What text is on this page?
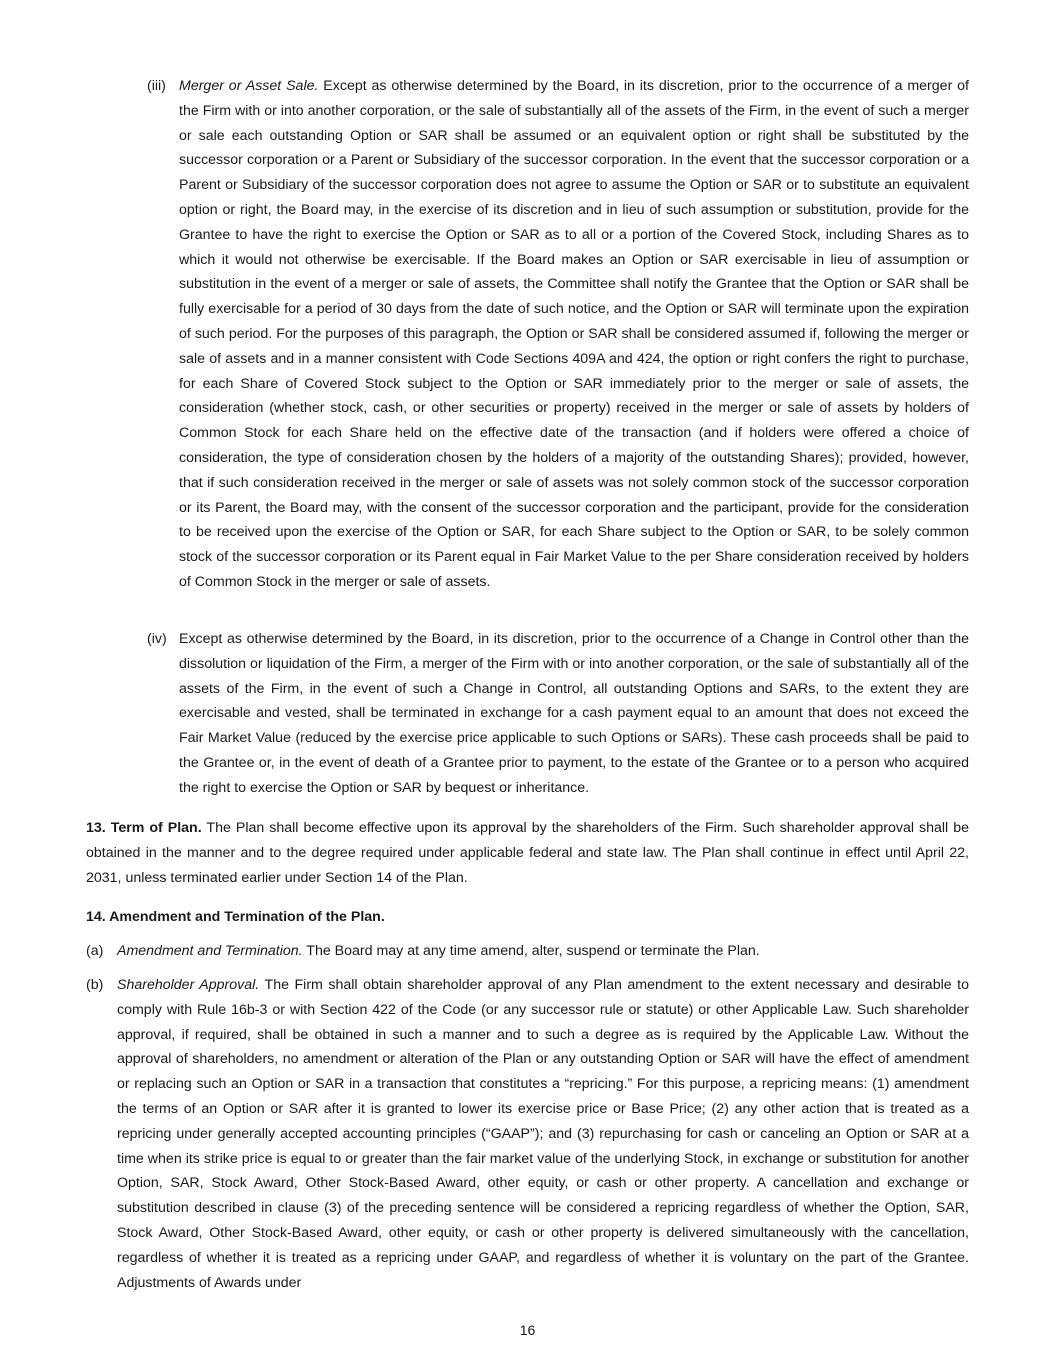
(iii) Merger or Asset Sale. Except as otherwise determined by the Board, in its discretion, prior to the occurrence of a merger of the Firm with or into another corporation, or the sale of substantially all of the assets of the Firm, in the event of such a merger or sale each outstanding Option or SAR shall be assumed or an equivalent option or right shall be substituted by the successor corporation or a Parent or Subsidiary of the successor corporation. In the event that the successor corporation or a Parent or Subsidiary of the successor corporation does not agree to assume the Option or SAR or to substitute an equivalent option or right, the Board may, in the exercise of its discretion and in lieu of such assumption or substitution, provide for the Grantee to have the right to exercise the Option or SAR as to all or a portion of the Covered Stock, including Shares as to which it would not otherwise be exercisable. If the Board makes an Option or SAR exercisable in lieu of assumption or substitution in the event of a merger or sale of assets, the Committee shall notify the Grantee that the Option or SAR shall be fully exercisable for a period of 30 days from the date of such notice, and the Option or SAR will terminate upon the expiration of such period. For the purposes of this paragraph, the Option or SAR shall be considered assumed if, following the merger or sale of assets and in a manner consistent with Code Sections 409A and 424, the option or right confers the right to purchase, for each Share of Covered Stock subject to the Option or SAR immediately prior to the merger or sale of assets, the consideration (whether stock, cash, or other securities or property) received in the merger or sale of assets by holders of Common Stock for each Share held on the effective date of the transaction (and if holders were offered a choice of consideration, the type of consideration chosen by the holders of a majority of the outstanding Shares); provided, however, that if such consideration received in the merger or sale of assets was not solely common stock of the successor corporation or its Parent, the Board may, with the consent of the successor corporation and the participant, provide for the consideration to be received upon the exercise of the Option or SAR, for each Share subject to the Option or SAR, to be solely common stock of the successor corporation or its Parent equal in Fair Market Value to the per Share consideration received by holders of Common Stock in the merger or sale of assets.
(iv) Except as otherwise determined by the Board, in its discretion, prior to the occurrence of a Change in Control other than the dissolution or liquidation of the Firm, a merger of the Firm with or into another corporation, or the sale of substantially all of the assets of the Firm, in the event of such a Change in Control, all outstanding Options and SARs, to the extent they are exercisable and vested, shall be terminated in exchange for a cash payment equal to an amount that does not exceed the Fair Market Value (reduced by the exercise price applicable to such Options or SARs). These cash proceeds shall be paid to the Grantee or, in the event of death of a Grantee prior to payment, to the estate of the Grantee or to a person who acquired the right to exercise the Option or SAR by bequest or inheritance.

13. Term of Plan. The Plan shall become effective upon its approval by the shareholders of the Firm. Such shareholder approval shall be obtained in the manner and to the degree required under applicable federal and state law. The Plan shall continue in effect until April 22, 2031, unless terminated earlier under Section 14 of the Plan.

14. Amendment and Termination of the Plan.
(a) Amendment and Termination. The Board may at any time amend, alter, suspend or terminate the Plan.
(b) Shareholder Approval. The Firm shall obtain shareholder approval of any Plan amendment to the extent necessary and desirable to comply with Rule 16b-3 or with Section 422 of the Code (or any successor rule or statute) or other Applicable Law. Such shareholder approval, if required, shall be obtained in such a manner and to such a degree as is required by the Applicable Law. Without the approval of shareholders, no amendment or alteration of the Plan or any outstanding Option or SAR will have the effect of amendment or replacing such an Option or SAR in a transaction that constitutes a “repricing.” For this purpose, a repricing means: (1) amendment the terms of an Option or SAR after it is granted to lower its exercise price or Base Price; (2) any other action that is treated as a repricing under generally accepted accounting principles (“GAAP”); and (3) repurchasing for cash or canceling an Option or SAR at a time when its strike price is equal to or greater than the fair market value of the underlying Stock, in exchange or substitution for another Option, SAR, Stock Award, Other Stock-Based Award, other equity, or cash or other property. A cancellation and exchange or substitution described in clause (3) of the preceding sentence will be considered a repricing regardless of whether the Option, SAR, Stock Award, Other Stock-Based Award, other equity, or cash or other property is delivered simultaneously with the cancellation, regardless of whether it is treated as a repricing under GAAP, and regardless of whether it is voluntary on the part of the Grantee. Adjustments of Awards under
16
